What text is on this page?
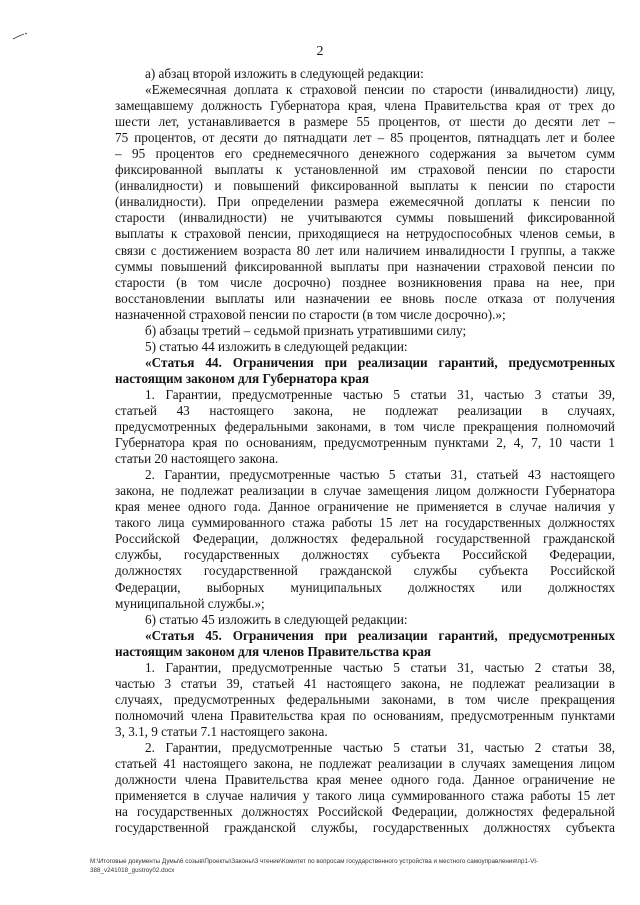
2
а) абзац второй изложить в следующей редакции:
«Ежемесячная доплата к страховой пенсии по старости (инвалидности) лицу,
замещавшему должность Губернатора края, члена Правительства края от трех до
шести лет, устанавливается в размере 55 процентов, от шести до десяти лет –
75 процентов, от десяти до пятнадцати лет – 85 процентов, пятнадцать лет и более
– 95 процентов его среднемесячного денежного содержания за вычетом сумм
фиксированной выплаты к установленной им страховой пенсии по старости
(инвалидности) и повышений фиксированной выплаты к пенсии по старости
(инвалидности). При определении размера ежемесячной доплаты к пенсии по
старости (инвалидности) не учитываются суммы повышений фиксированной
выплаты к страховой пенсии, приходящиеся на нетрудоспособных членов семьи, в
связи с достижением возраста 80 лет или наличием инвалидности I группы, а также
суммы повышений фиксированной выплаты при назначении страховой пенсии по
старости (в том числе досрочно) позднее возникновения права на нее, при
восстановлении выплаты или назначении ее вновь после отказа от получения
назначенной страховой пенсии по старости (в том числе досрочно).»;
б) абзацы третий – седьмой признать утратившими силу;
5) статью 44 изложить в следующей редакции:
«Статья 44. Ограничения при реализации гарантий, предусмотренных
настоящим законом для Губернатора края
1. Гарантии, предусмотренные частью 5 статьи 31, частью 3 статьи 39,
статьей 43 настоящего закона, не подлежат реализации в случаях,
предусмотренных федеральными законами, в том числе прекращения полномочий
Губернатора края по основаниям, предусмотренным пунктами 2, 4, 7, 10 части 1
статьи 20 настоящего закона.
2. Гарантии, предусмотренные частью 5 статьи 31, статьей 43 настоящего
закона, не подлежат реализации в случае замещения лицом должности Губернатора
края менее одного года. Данное ограничение не применяется в случае наличия у
такого лица суммированного стажа работы 15 лет на государственных должностях
Российской Федерации, должностях федеральной государственной гражданской
службы, государственных должностях субъекта Российской Федерации,
должностях государственной гражданской службы субъекта Российской
Федерации, выборных муниципальных должностях или должностях
муниципальной службы.»;
6) статью 45 изложить в следующей редакции:
«Статья 45. Ограничения при реализации гарантий, предусмотренных
настоящим законом для членов Правительства края
1. Гарантии, предусмотренные частью 5 статьи 31, частью 2 статьи 38,
частью 3 статьи 39, статьей 41 настоящего закона, не подлежат реализации в
случаях, предусмотренных федеральными законами, в том числе прекращения
полномочий члена Правительства края по основаниям, предусмотренным пунктами
3, 3.1, 9 статьи 7.1 настоящего закона.
2. Гарантии, предусмотренные частью 5 статьи 31, частью 2 статьи 38,
статьей 41 настоящего закона, не подлежат реализации в случаях замещения лицом
должности члена Правительства края менее одного года. Данное ограничение не
применяется в случае наличия у такого лица суммированного стажа работы 15 лет
на государственных должностях Российской Федерации, должностях федеральной
государственной гражданской службы, государственных должностях субъекта
M:\Итоговые документы Думы\6 созыв\Проекты\Законы\3 чтение\Комитет по вопросам государственного устройства и местного самоуправления\пр1-VI-
388_v241018_gustroy02.docx
